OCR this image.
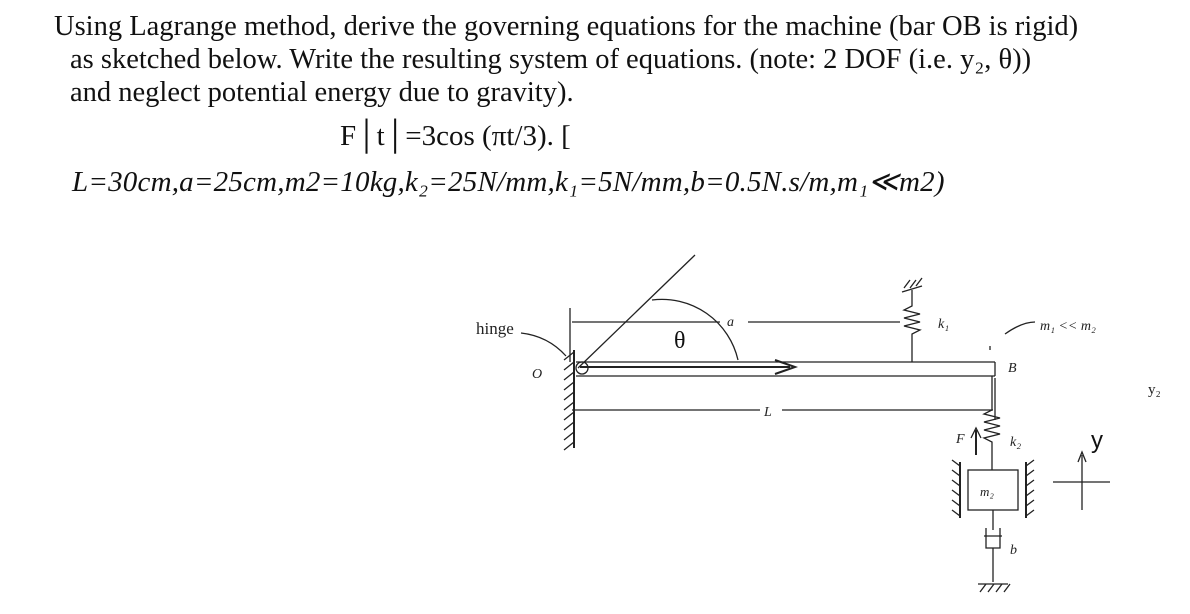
Using Lagrange method, derive the governing equations for the machine (bar OB is rigid)
as sketched below. Write the resulting system of equations. (note: 2 DOF (i.e. y₂, θ))
and neglect potential energy due to gravity).
F│t│=3cos (πt/3). [
L=30cm,a=25cm,m2=10kg,k₂=25N/mm,k₁=5N/mm,b=0.5N.s/m,m₁≪m2)
hinge
O
θ
a	k₁	m₁ << m₂
B
L
F	k₂
m₂
b
y
y₂
